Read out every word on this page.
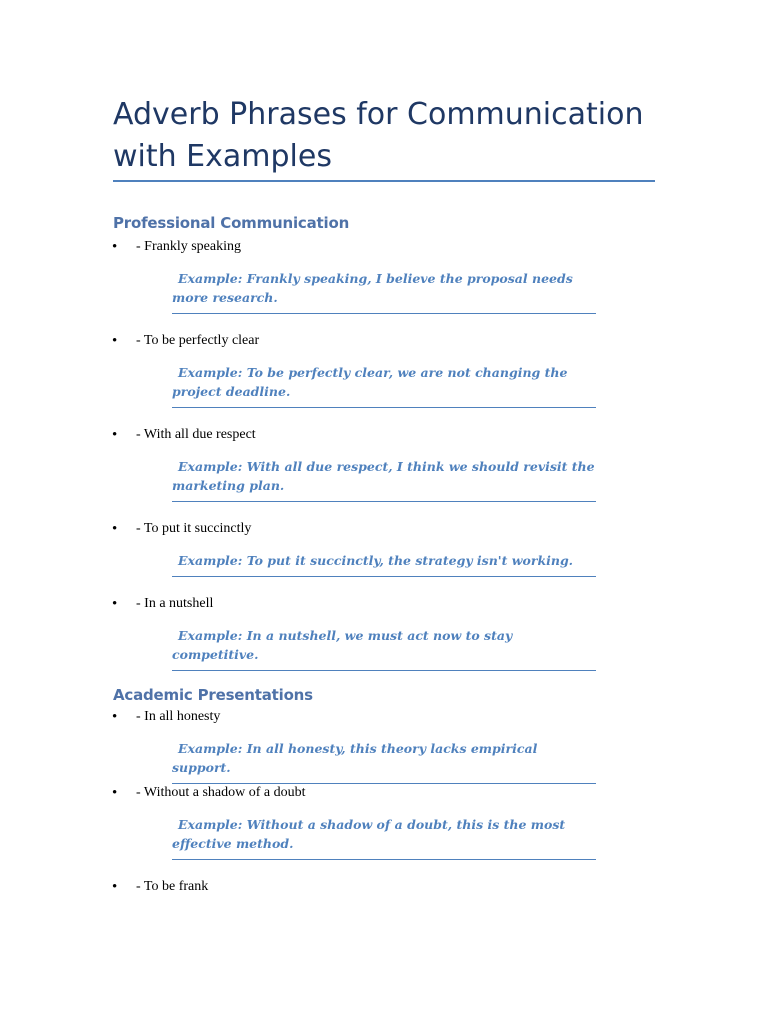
Adverb Phrases for Communication with Examples
Professional Communication
• - Frankly speaking
Example: Frankly speaking, I believe the proposal needs more research.
• - To be perfectly clear
Example: To be perfectly clear, we are not changing the project deadline.
• - With all due respect
Example: With all due respect, I think we should revisit the marketing plan.
• - To put it succinctly
Example: To put it succinctly, the strategy isn't working.
• - In a nutshell
Example: In a nutshell, we must act now to stay competitive.
Academic Presentations
• - In all honesty
Example: In all honesty, this theory lacks empirical support.
• - Without a shadow of a doubt
Example: Without a shadow of a doubt, this is the most effective method.
• - To be frank
